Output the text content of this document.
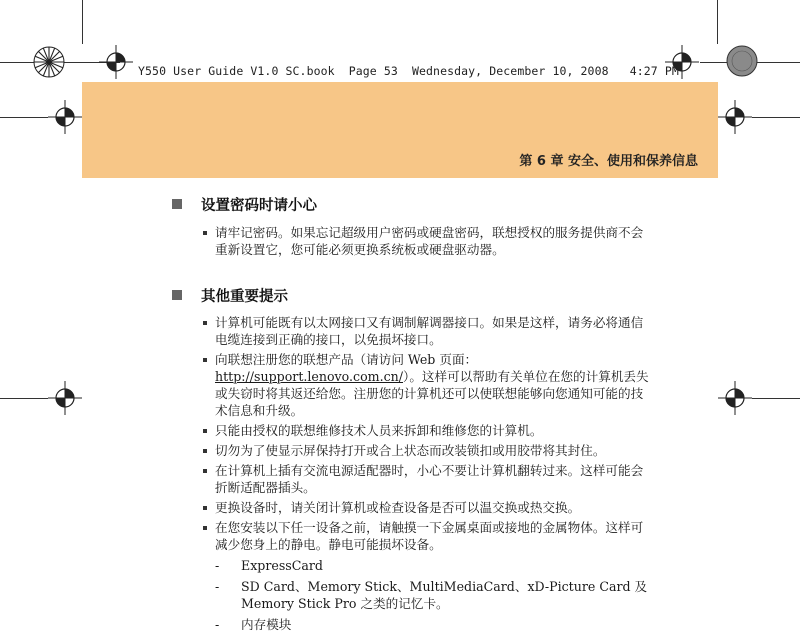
Y550 User Guide V1.0 SC.book Page 53 Wednesday, December 10, 2008 4:27 PM
第 6 章 安全、使用和保养信息
设置密码时请小心
请牢记密码。如果忘记超级用户密码或硬盘密码，联想授权的服务提供商不会重新设置它，您可能必须更换系统板或硬盘驱动器。
其他重要提示
计算机可能既有以太网接口又有调制解调器接口。如果是这样，请务必将通信电缆连接到正确的接口，以免损坏接口。
向联想注册您的联想产品（请访问 Web 页面：http://support.lenovo.com.cn/）。这样可以帮助有关单位在您的计算机丢失或失窃时将其返还给您。注册您的计算机还可以使联想能够向您通知可能的技术信息和升级。
只能由授权的联想维修技术人员来拆卸和维修您的计算机。
切勿为了使显示屏保持打开或合上状态而改装锁扣或用胶带将其封住。
在计算机上插有交流电源适配器时，小心不要让计算机翻转过来。这样可能会折断适配器插头。
更换设备时，请关闭计算机或检查设备是否可以温交换或热交换。
在您安装以下任一设备之前，请触摸一下金属桌面或接地的金属物体。这样可减少您身上的静电。静电可能损坏设备。
- ExpressCard
- SD Card、Memory Stick、MultiMediaCard、xD-Picture Card 及 Memory Stick Pro 之类的记忆卡。
- 内存模块
